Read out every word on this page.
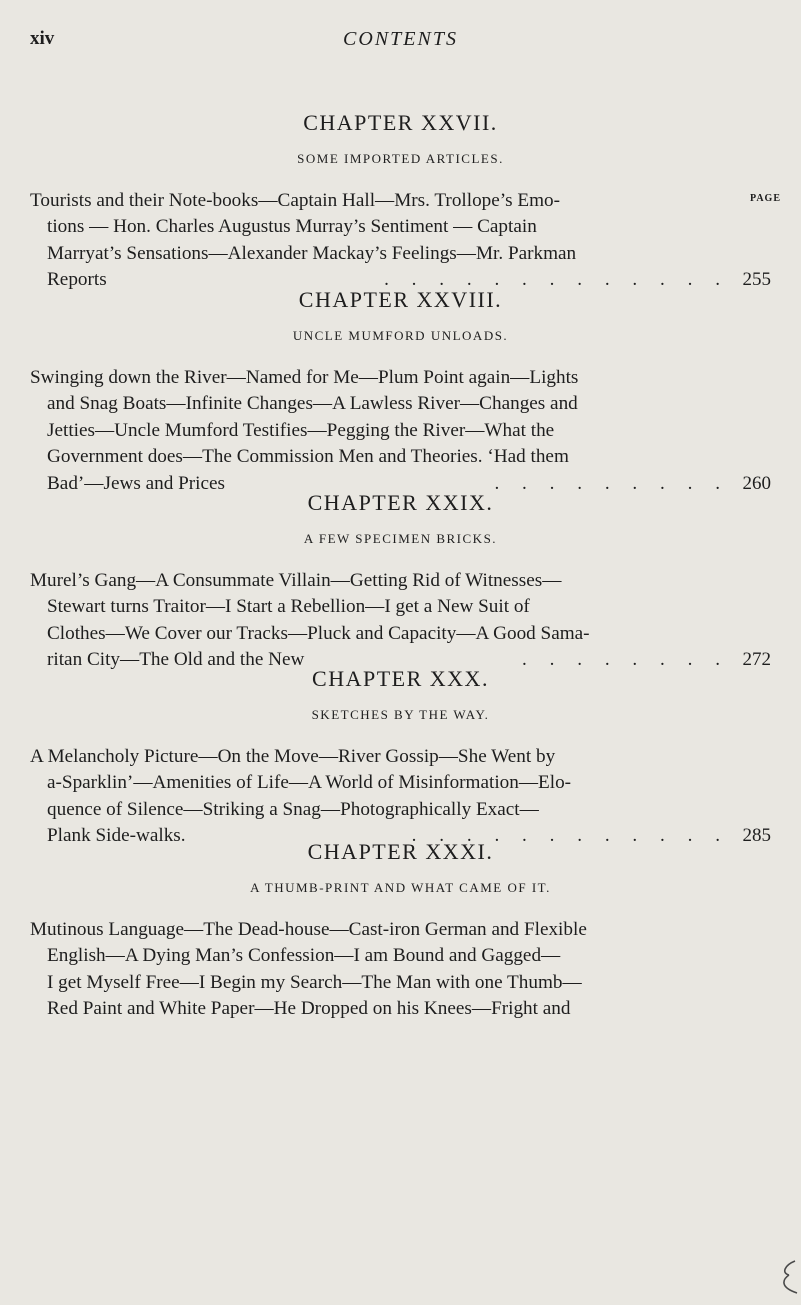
xiv	CONTENTS
PAGE
CHAPTER XXVII.
SOME IMPORTED ARTICLES.
Tourists and their Note-books—Captain Hall—Mrs. Trollope’s Emo-
tions — Hon. Charles Augustus Murray’s Sentiment — Captain
Marryat’s Sensations—Alexander Mackay’s Feelings—Mr. Parkman
Reports	. . . . . . . . . . . . . 255
CHAPTER XXVIII.
UNCLE MUMFORD UNLOADS.
Swinging down the River—Named for Me—Plum Point again—Lights
and Snag Boats—Infinite Changes—A Lawless River—Changes and
Jetties—Uncle Mumford Testifies—Pegging the River—What the
Government does—The Commission Men and Theories. ‘Had them
Bad’—Jews and Prices	. . . . . . . . . 260
CHAPTER XXIX.
A FEW SPECIMEN BRICKS.
Murel’s Gang—A Consummate Villain—Getting Rid of Witnesses—
Stewart turns Traitor—I Start a Rebellion—I get a New Suit of
Clothes—We Cover our Tracks—Pluck and Capacity—A Good Sama-
ritan City—The Old and the New	. . . . . . . . 272
CHAPTER XXX.
SKETCHES BY THE WAY.
A Melancholy Picture—On the Move—River Gossip—She Went by
a-Sparklin’—Amenities of Life—A World of Misinformation—Elo-
quence of Silence—Striking a Snag—Photographically Exact—
Plank Side-walks.	. . . . . . . . . . . . 285
CHAPTER XXXI.
A THUMB-PRINT AND WHAT CAME OF IT.
Mutinous Language—The Dead-house—Cast-iron German and Flexible
English—A Dying Man’s Confession—I am Bound and Gagged—
I get Myself Free—I Begin my Search—The Man with one Thumb—
Red Paint and White Paper—He Dropped on his Knees—Fright and
